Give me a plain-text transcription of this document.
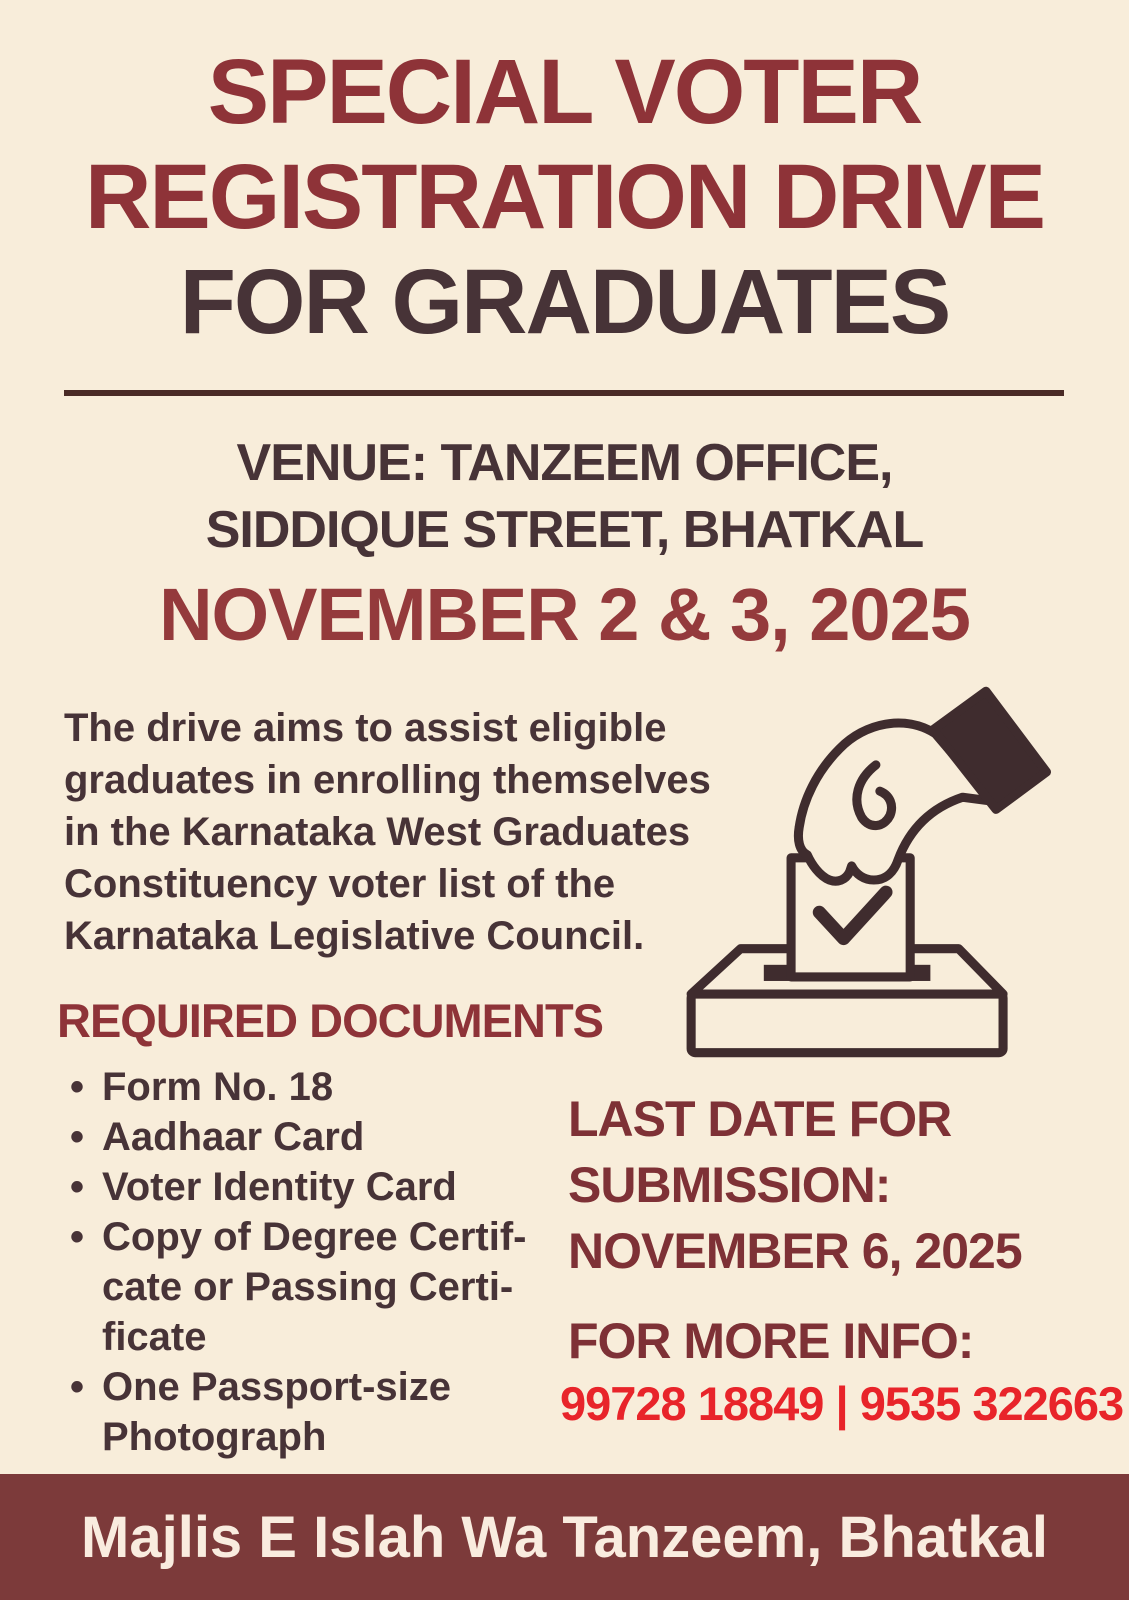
SPECIAL VOTER
REGISTRATION DRIVE
FOR GRADUATES
VENUE: TANZEEM OFFICE,
SIDDIQUE STREET, BHATKAL
NOVEMBER 2 & 3, 2025
The drive aims to assist eligible
graduates in enrolling themselves
in the Karnataka West Graduates
Constituency voter list of the
Karnataka Legislative Council.
REQUIRED DOCUMENTS
• Form No. 18
• Aadhaar Card
• Voter Identity Card
• Copy of Degree Certif-
cate or Passing Certi-
ficate
• One Passport-size
Photograph
LAST DATE FOR
SUBMISSION:
NOVEMBER 6, 2025
FOR MORE INFO:
99728 18849 | 9535 322663
Majlis E Islah Wa Tanzeem, Bhatkal
